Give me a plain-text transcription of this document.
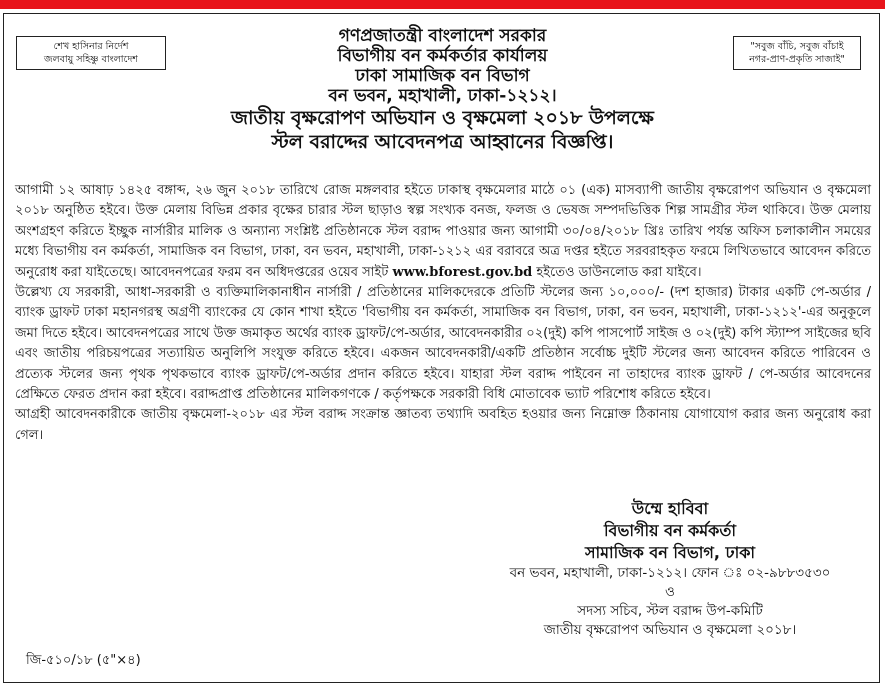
শেখ হাসিনার নির্দেশ
জলবায়ু সহিষ্ণু বাংলাদেশ
"সবুজ বাঁচি, সবুজ বাঁচাই
নগর-প্রাণ-প্রকৃতি সাজাই"
গণপ্রজাতন্ত্রী বাংলাদেশ সরকার
বিভাগীয় বন কর্মকর্তার কার্যালয়
ঢাকা সামাজিক বন বিভাগ
বন ভবন, মহাখালী, ঢাকা-১২১২।
জাতীয় বৃক্ষরোপণ অভিযান ও বৃক্ষমেলা ২০১৮ উপলক্ষে
স্টল বরাদ্দের আবেদনপত্র আহ্বানের বিজ্ঞপ্তি।

আগামী ১২ আষাঢ় ১৪২৫ বঙ্গাব্দ, ২৬ জুন ২০১৮ তারিখে রোজ মঙ্গলবার হইতে ঢাকাস্থ বৃক্ষমেলার মাঠে ০১ (এক) মাসব্যাপী জাতীয় বৃক্ষরোপণ অভিযান ও বৃক্ষমেলা ২০১৮ অনুষ্ঠিত হইবে। উক্ত মেলায় বিভিন্ন প্রকার বৃক্ষের চারার স্টল ছাড়াও স্বল্প সংখ্যক বনজ, ফলজ ও ভেষজ সম্পদভিত্তিক শিল্প সামগ্রীর স্টল থাকিবে। উক্ত মেলায় অংশগ্রহণ করিতে ইচ্ছুক নার্সারীর মালিক ও অন্যান্য সংশ্লিষ্ট প্রতিষ্ঠানকে স্টল বরাদ্দ পাওয়ার জন্য আগামী ৩০/০৪/২০১৮ খ্রিঃ তারিখ পর্যন্ত অফিস চলাকালীন সময়ের মধ্যে বিভাগীয় বন কর্মকর্তা, সামাজিক বন বিভাগ, ঢাকা, বন ভবন, মহাখালী, ঢাকা-১২১২ এর বরাবরে অত্র দপ্তর হইতে সরবরাহকৃত ফরমে লিখিতভাবে আবেদন করিতে অনুরোধ করা যাইতেছে। আবেদনপত্রের ফরম বন অধিদপ্তরের ওয়েব সাইট www.bforest.gov.bd হইতেও ডাউনলোড করা যাইবে।

উল্লেখ্য যে সরকারী, আধা-সরকারী ও ব্যক্তিমালিকানাধীন নার্সারী / প্রতিষ্ঠানের মালিকদেরকে প্রতিটি স্টলের জন্য ১০,০০০/- (দশ হাজার) টাকার একটি পে-অর্ডার / ব্যাংক ড্রাফট ঢাকা মহানগরস্থ অগ্রণী ব্যাংকের যে কোন শাখা হইতে 'বিভাগীয় বন কর্মকর্তা, সামাজিক বন বিভাগ, ঢাকা, বন ভবন, মহাখালী, ঢাকা-১২১২'-এর অনুকূলে জমা দিতে হইবে। আবেদনপত্রের সাথে উক্ত জমাকৃত অর্থের ব্যাংক ড্রাফট/পে-অর্ডার, আবেদনকারীর ০২(দুই) কপি পাসপোর্ট সাইজ ও ০২(দুই) কপি স্ট্যাম্প সাইজের ছবি এবং জাতীয় পরিচয়পত্রের সত্যায়িত অনুলিপি সংযুক্ত করিতে হইবে। একজন আবেদনকারী/একটি প্রতিষ্ঠান সর্বোচ্চ দুইটি স্টলের জন্য আবেদন করিতে পারিবেন ও প্রত্যেক স্টলের জন্য পৃথক পৃথকভাবে ব্যাংক ড্রাফট/পে-অর্ডার প্রদান করিতে হইবে। যাহারা স্টল বরাদ্দ পাইবেন না তাহাদের ব্যাংক ড্রাফট / পে-অর্ডার আবেদনের প্রেক্ষিতে ফেরত প্রদান করা হইবে। বরাদ্দপ্রাপ্ত প্রতিষ্ঠানের মালিকগণকে / কর্তৃপক্ষকে সরকারী বিধি মোতাবেক ভ্যাট পরিশোধ করিতে হইবে।

আগ্রহী আবেদনকারীকে জাতীয় বৃক্ষমেলা-২০১৮ এর স্টল বরাদ্দ সংক্রান্ত জ্ঞাতব্য তথ্যাদি অবহিত হওয়ার জন্য নিম্নোক্ত ঠিকানায় যোগাযোগ করার জন্য অনুরোধ করা গেল।

উম্মে হাবিবা
বিভাগীয় বন কর্মকর্তা
সামাজিক বন বিভাগ, ঢাকা
বন ভবন, মহাখালী, ঢাকা-১২১২। ফোন ঃ ০২-৯৮৮৩৫৩০
ও
সদস্য সচিব, স্টল বরাদ্দ উপ-কমিটি
জাতীয় বৃক্ষরোপণ অভিযান ও বৃক্ষমেলা ২০১৮।
জি-৫১০/১৮ (৫"×৪)
